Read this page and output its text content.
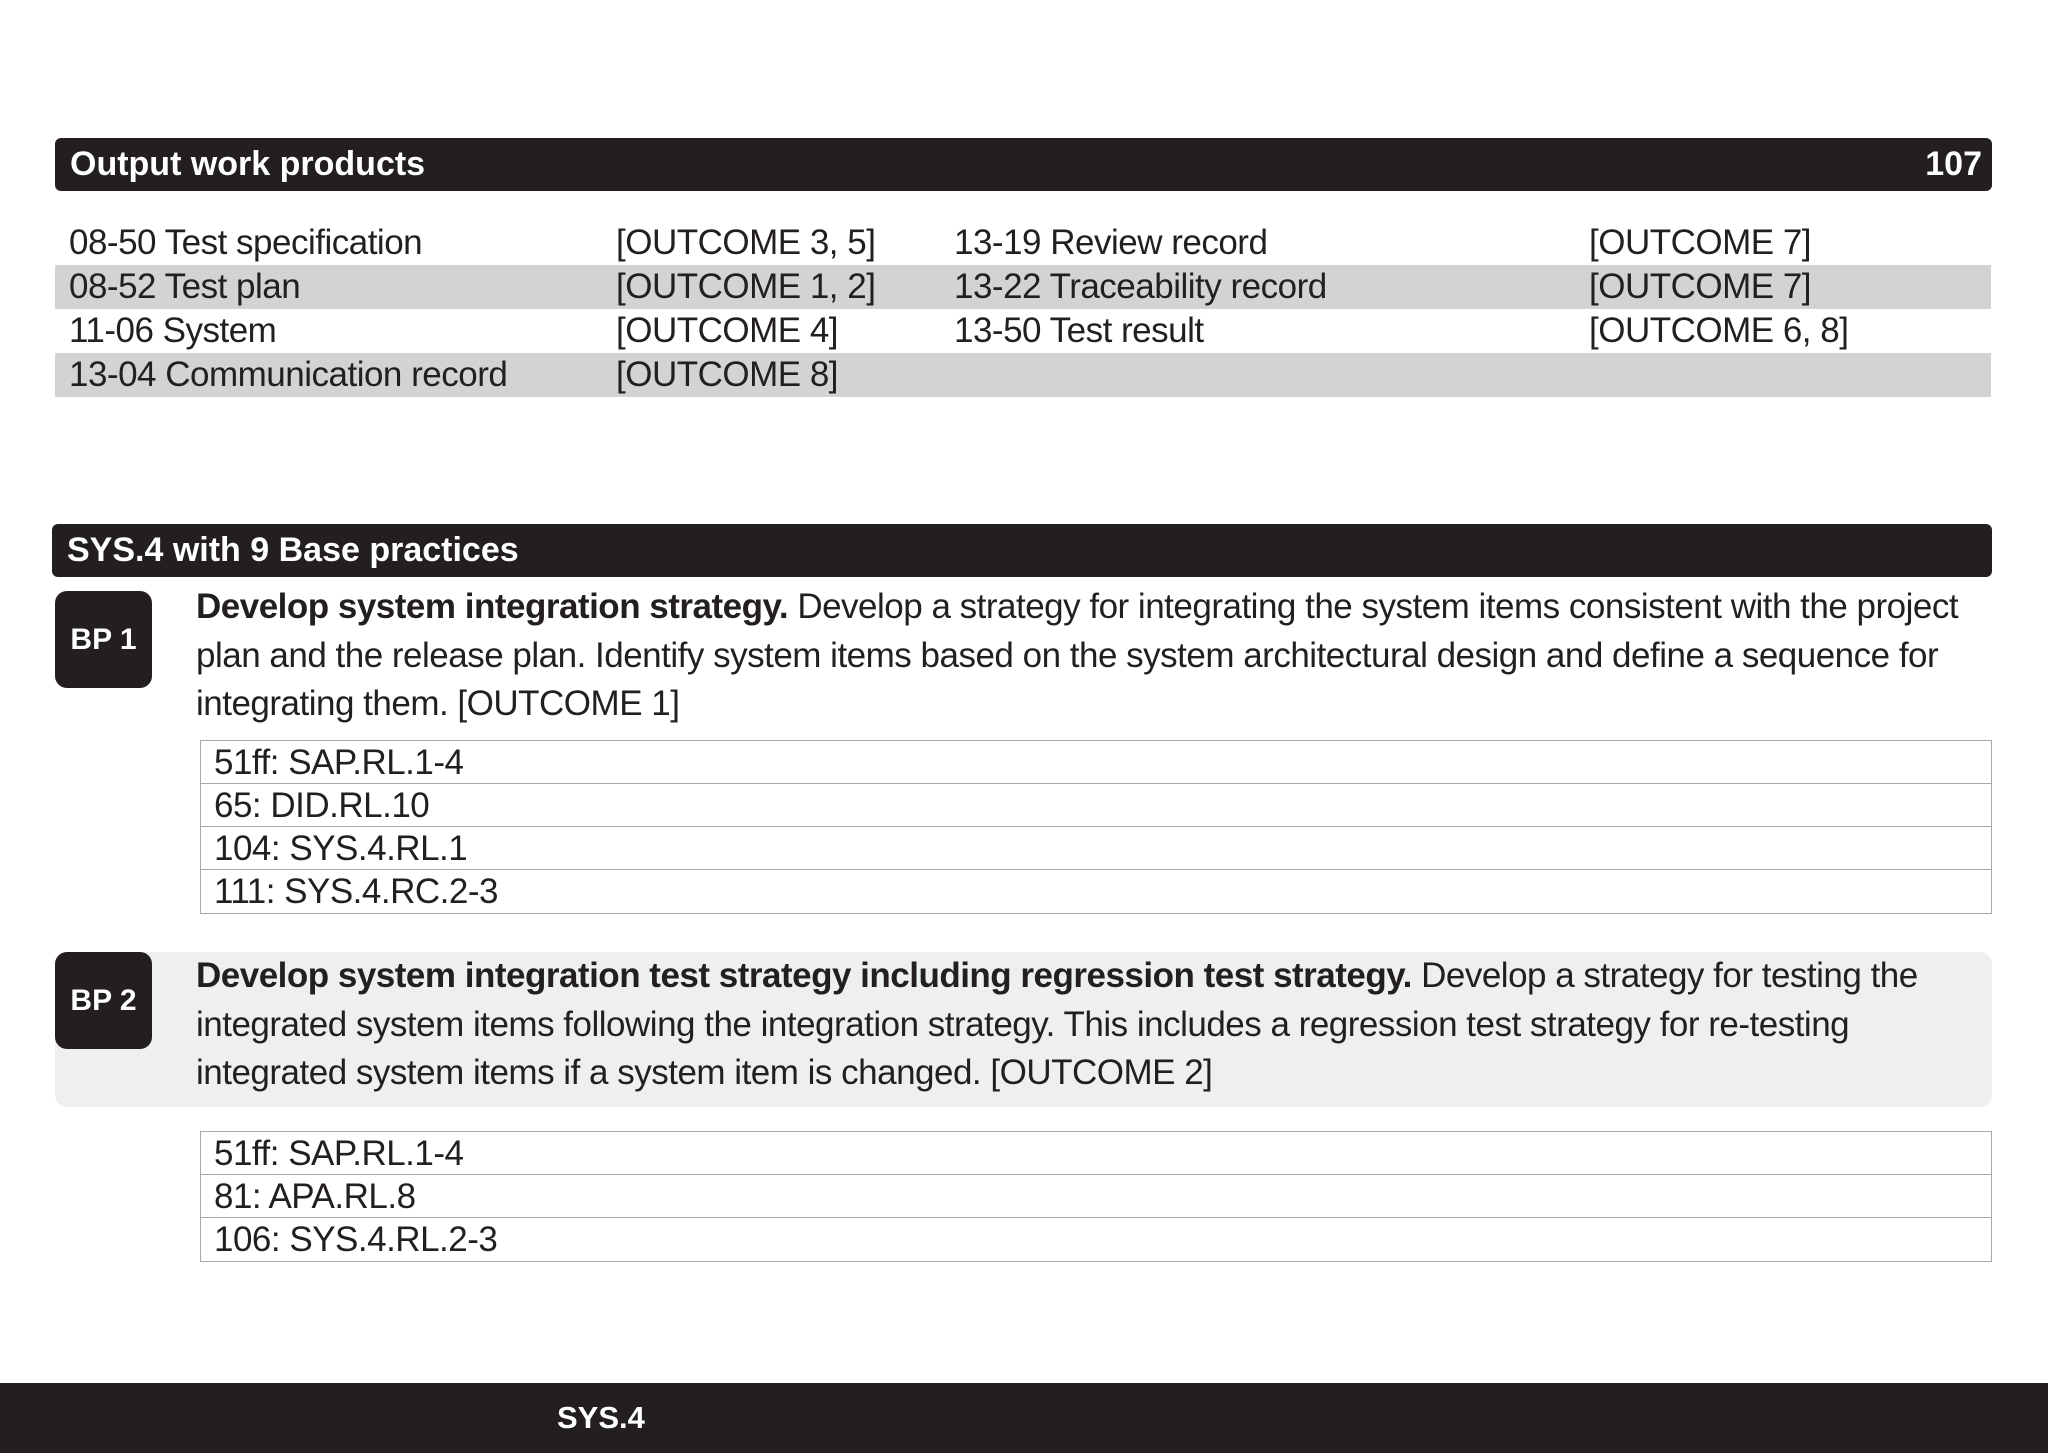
Output work products	107
08-50 Test specification	[OUTCOME 3, 5] 13-19 Review record	[OUTCOME 7]
08-52 Test plan	[OUTCOME 1, 2] 13-22 Traceability record	[OUTCOME 7]
11-06 System	[OUTCOME 4]	13-50 Test result	[OUTCOME 6, 8]
13-04 Communication record	[OUTCOME 8]
SYS.4 with 9 Base practices
BP 1
Develop system integration strategy. Develop a strategy for integrating the system items consistent with the project plan and the release plan. Identify system items based on the system architectural design and define a sequence for integrating them. [OUTCOME 1]
51ff: SAP.RL.1-4
65: DID.RL.10
104: SYS.4.RL.1
111: SYS.4.RC.2-3
BP 2
Develop system integration test strategy including regression test strategy. Develop a strategy for testing the integrated system items following the integration strategy. This includes a regression test strategy for re-testing integrated system items if a system item is changed. [OUTCOME 2]
51ff: SAP.RL.1-4
81: APA.RL.8
106: SYS.4.RL.2-3
SYS.4
